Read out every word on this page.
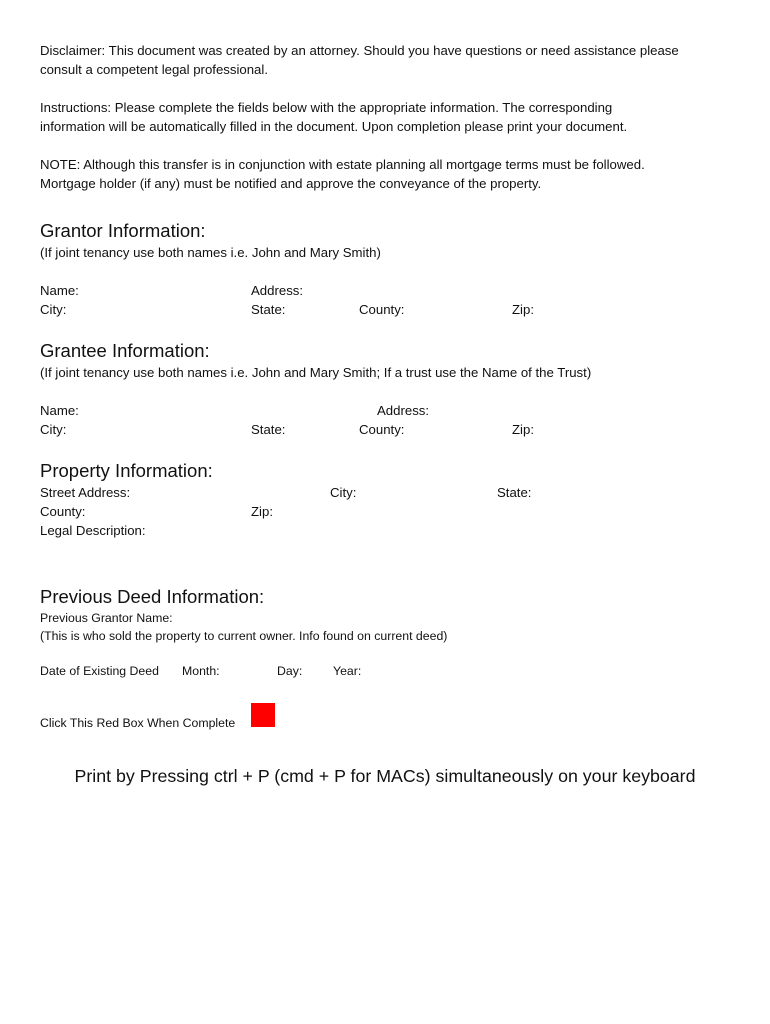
Disclaimer: This document was created by an attorney. Should you have questions or need assistance please
consult a competent legal professional.
Instructions: Please complete the fields below with the appropriate information. The corresponding
information will be automatically filled in the document. Upon completion please print your document.
NOTE: Although this transfer is in conjunction with estate planning all mortgage terms must be followed.
Mortgage holder (if any) must be notified and approve the conveyance of the property.
Grantor Information:
(If joint tenancy use both names i.e. John and Mary Smith)
Name:	Address:
City:	State:	County:	Zip:
Grantee Information:
(If joint tenancy use both names i.e. John and Mary Smith; If a trust use the Name of the Trust)
Name:	Address:
City:	State:	County:	Zip:
Property Information:
Street Address:	City:	State:
County:	Zip:
Legal Description:
Previous Deed Information:
Previous Grantor Name:
(This is who sold the property to current owner. Info found on current deed)
Date of Existing Deed Month:	Day: Year:
Click This Red Box When Complete
Print by Pressing ctrl + P (cmd + P for MACs) simultaneously on your keyboard
